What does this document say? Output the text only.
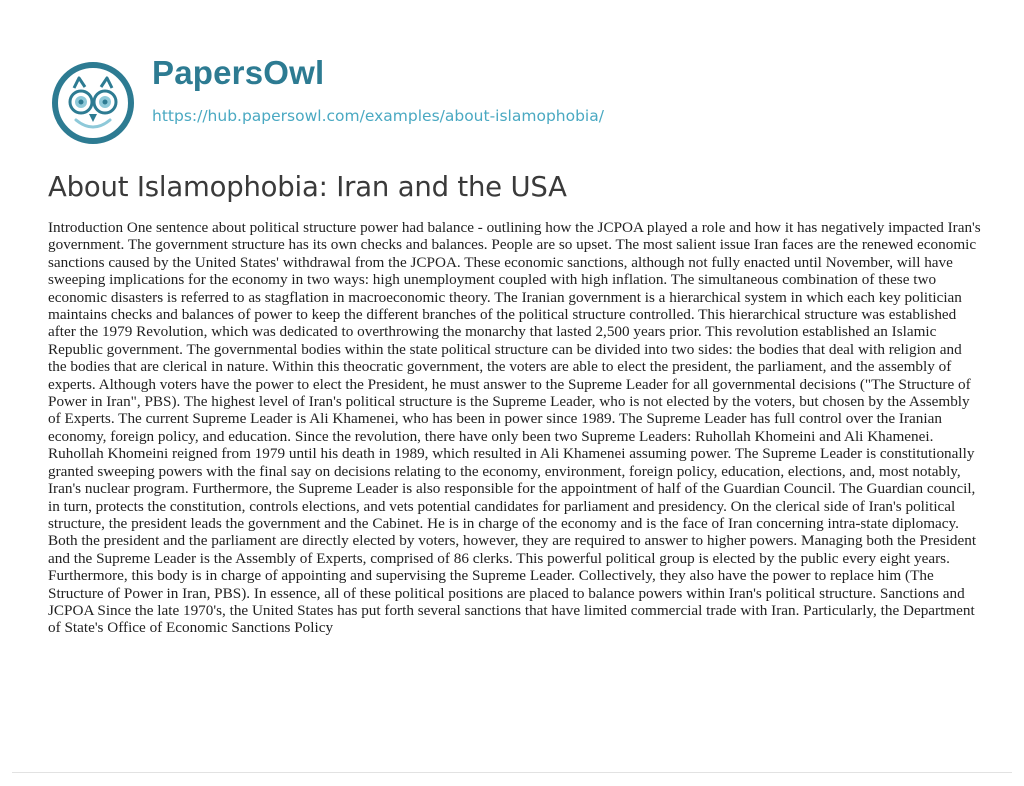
PapersOwl
https://hub.papersowl.com/examples/about-islamophobia/
About Islamophobia: Iran and the USA

Introduction One sentence about political structure power had balance - outlining how the JCPOA played a role and how it has negatively impacted Iran's government. The government structure has its own checks and balances. People are so upset. The most salient issue Iran faces are the renewed economic sanctions caused by the United States' withdrawal from the JCPOA. These economic sanctions, although not fully enacted until November, will have sweeping implications for the economy in two ways: high unemployment coupled with high inflation. The simultaneous combination of these two economic disasters is referred to as stagflation in macroeconomic theory. The Iranian government is a hierarchical system in which each key politician maintains checks and balances of power to keep the different branches of the political structure controlled. This hierarchical structure was established after the 1979 Revolution, which was dedicated to overthrowing the monarchy that lasted 2,500 years prior. This revolution established an Islamic Republic government. The governmental bodies within the state political structure can be divided into two sides: the bodies that deal with religion and the bodies that are clerical in nature. Within this theocratic government, the voters are able to elect the president, the parliament, and the assembly of experts. Although voters have the power to elect the President, he must answer to the Supreme Leader for all governmental decisions ("The Structure of Power in Iran", PBS). The highest level of Iran's political structure is the Supreme Leader, who is not elected by the voters, but chosen by the Assembly of Experts. The current Supreme Leader is Ali Khamenei, who has been in power since 1989. The Supreme Leader has full control over the Iranian economy, foreign policy, and education. Since the revolution, there have only been two Supreme Leaders: Ruhollah Khomeini and Ali Khamenei. Ruhollah Khomeini reigned from 1979 until his death in 1989, which resulted in Ali Khamenei assuming power. The Supreme Leader is constitutionally granted sweeping powers with the final say on decisions relating to the economy, environment, foreign policy, education, elections, and, most notably, Iran's nuclear program. Furthermore, the Supreme Leader is also responsible for the appointment of half of the Guardian Council. The Guardian council, in turn, protects the constitution, controls elections, and vets potential candidates for parliament and presidency. On the clerical side of Iran's political structure, the president leads the government and the Cabinet. He is in charge of the economy and is the face of Iran concerning intra-state diplomacy. Both the president and the parliament are directly elected by voters, however, they are required to answer to higher powers. Managing both the President and the Supreme Leader is the Assembly of Experts, comprised of 86 clerks. This powerful political group is elected by the public every eight years. Furthermore, this body is in charge of appointing and supervising the Supreme Leader. Collectively, they also have the power to replace him (The Structure of Power in Iran, PBS). In essence, all of these political positions are placed to balance powers within Iran's political structure. Sanctions and JCPOA Since the late 1970's, the United States has put forth several sanctions that have limited commercial trade with Iran. Particularly, the Department of State's Office of Economic Sanctions Policy
